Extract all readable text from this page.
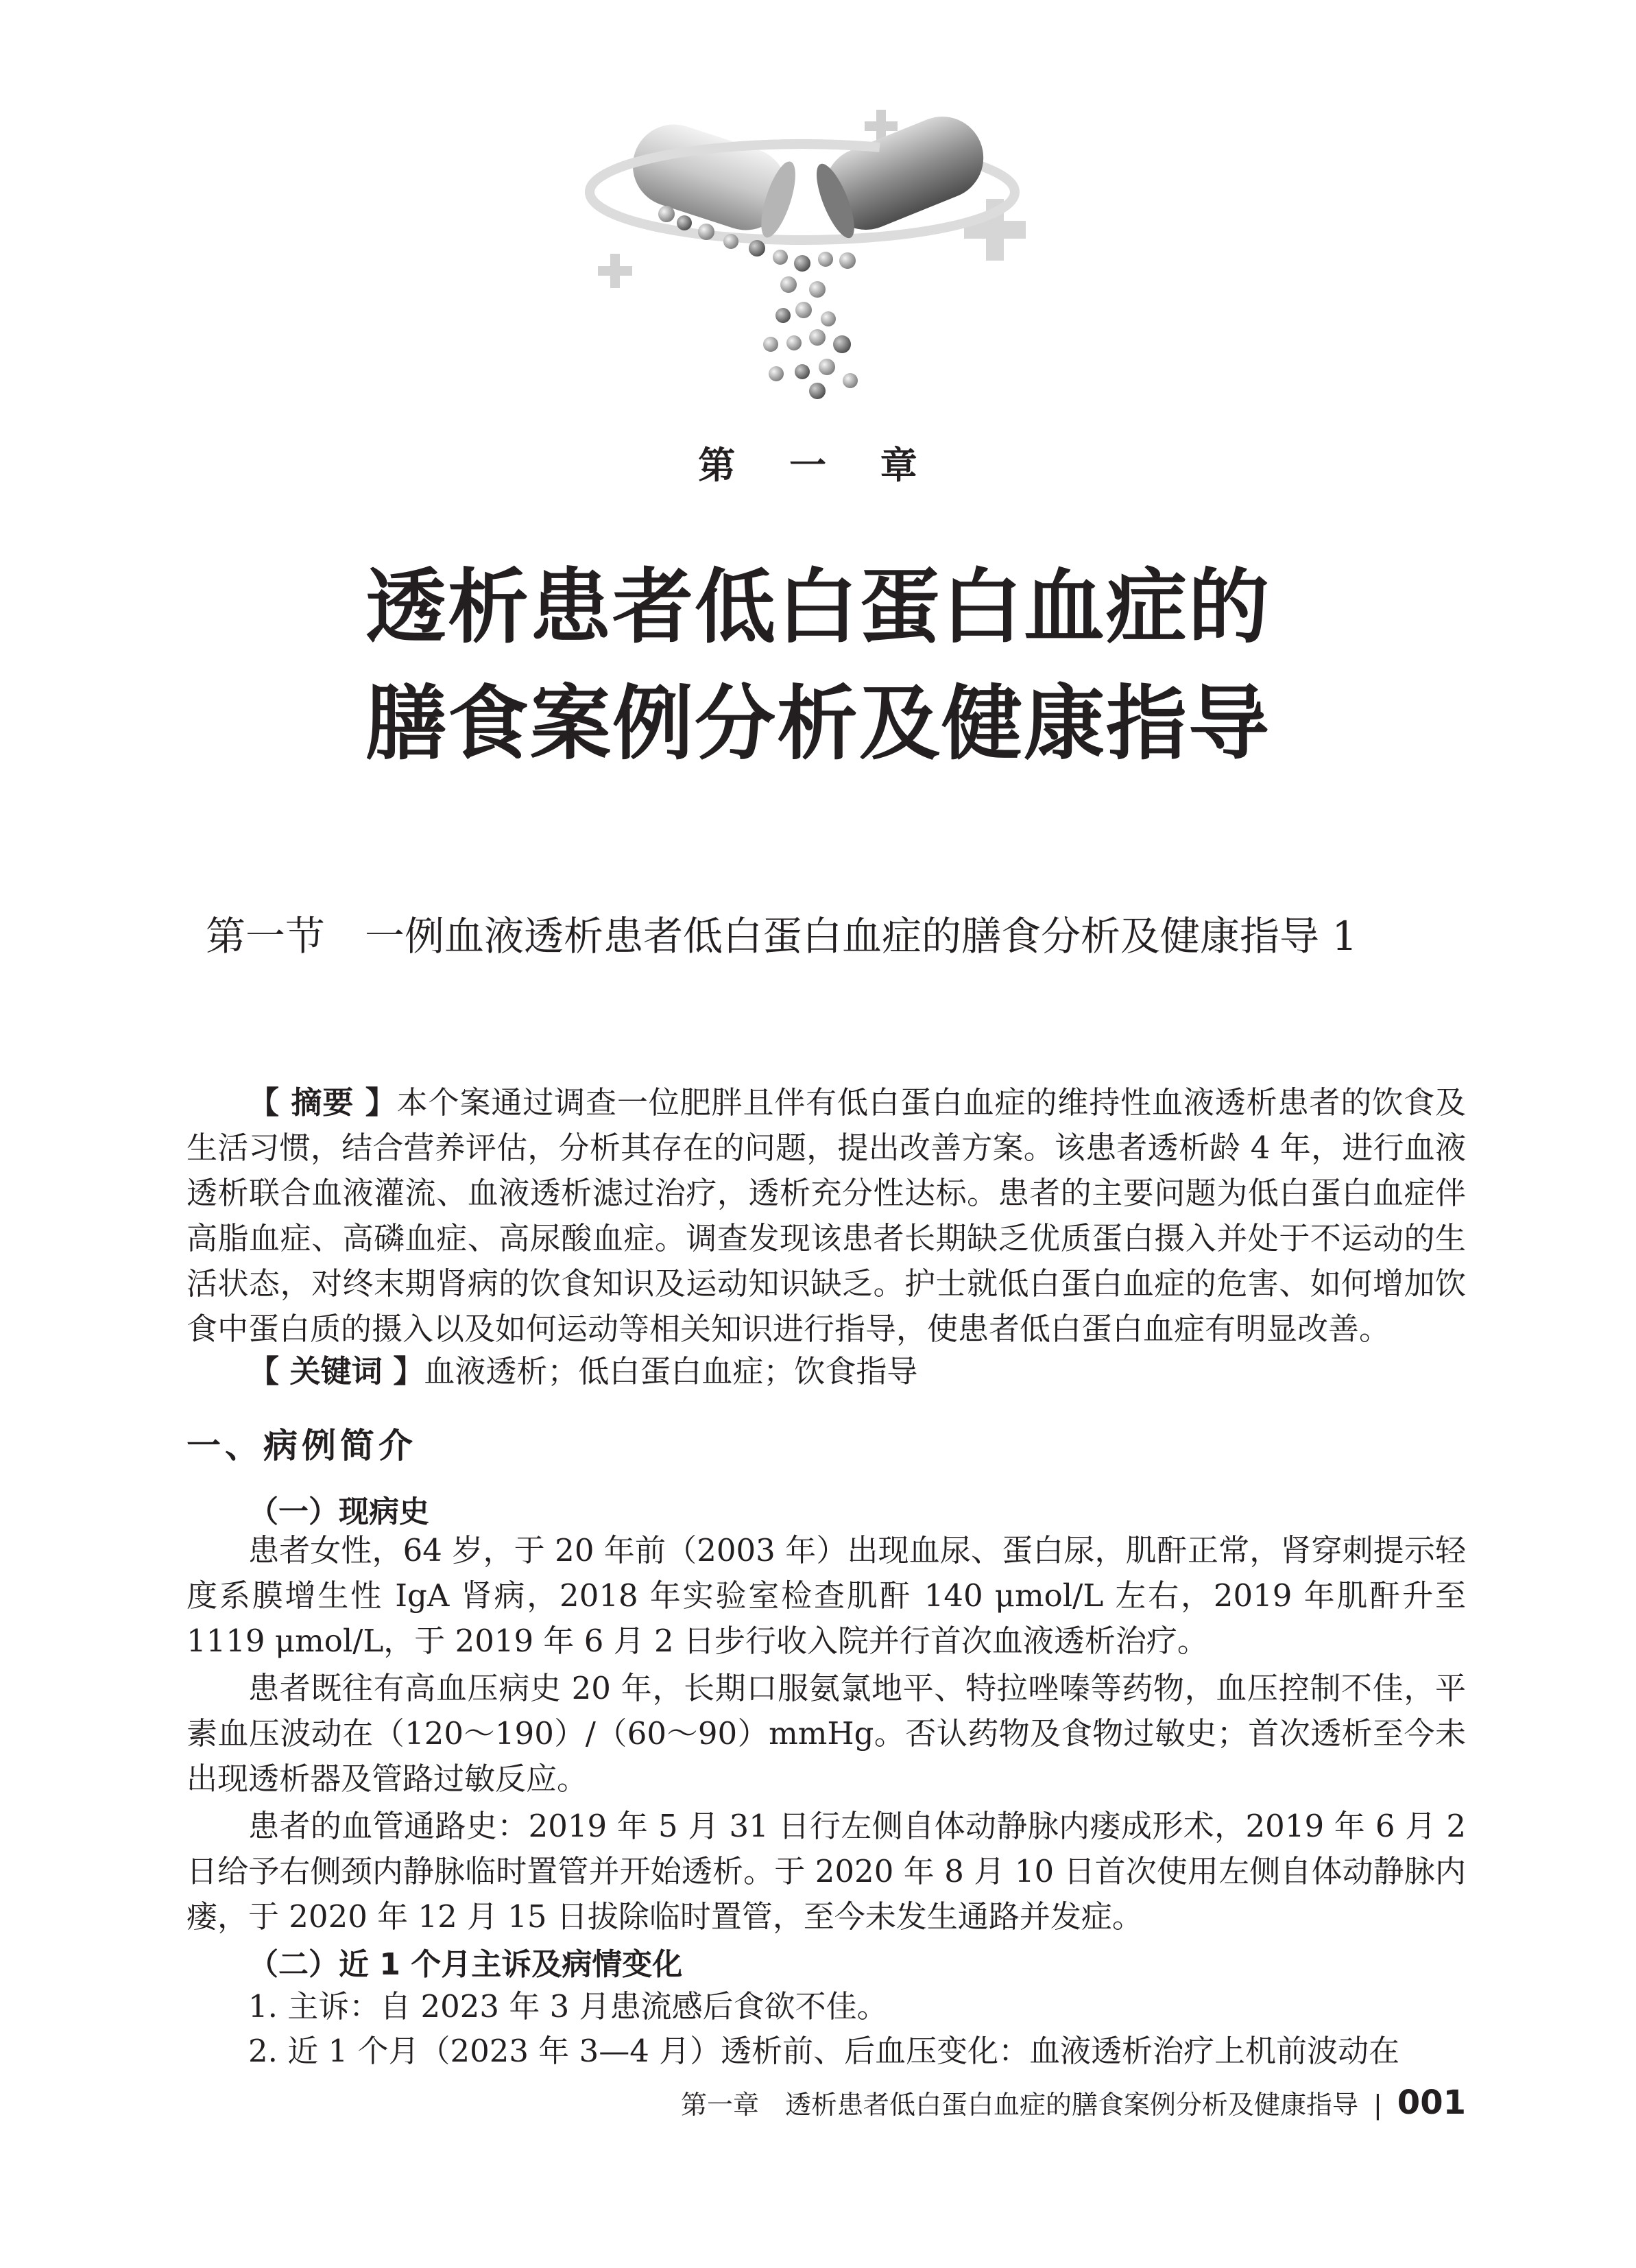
第 一 章
透析患者低白蛋白血症的
膳食案例分析及健康指导
第一节　一例血液透析患者低白蛋白血症的膳食分析及健康指导 1

【 摘要 】本个案通过调查一位肥胖且伴有低白蛋白血症的维持性血液透析患者的饮食及生活习惯，结合营养评估，分析其存在的问题，提出改善方案。该患者透析龄 4 年，进行血液透析联合血液灌流、血液透析滤过治疗，透析充分性达标。患者的主要问题为低白蛋白血症伴高脂血症、高磷血症、高尿酸血症。调查发现该患者长期缺乏优质蛋白摄入并处于不运动的生活状态，对终末期肾病的饮食知识及运动知识缺乏。护士就低白蛋白血症的危害、如何增加饮食中蛋白质的摄入以及如何运动等相关知识进行指导，使患者低白蛋白血症有明显改善。

【 关键词 】血液透析；低白蛋白血症；饮食指导

一、病例简介
（一）现病史

患者女性，64 岁，于 20 年前（2003 年）出现血尿、蛋白尿，肌酐正常，肾穿刺提示轻度系膜增生性 IgA 肾病，2018 年实验室检查肌酐 140 μmol/L 左右，2019 年肌酐升至 1119 μmol/L，于 2019 年 6 月 2 日步行收入院并行首次血液透析治疗。

患者既往有高血压病史 20 年，长期口服氨氯地平、特拉唑嗪等药物，血压控制不佳，平素血压波动在（120～190）/（60～90）mmHg。否认药物及食物过敏史；首次透析至今未出现透析器及管路过敏反应。

患者的血管通路史：2019 年 5 月 31 日行左侧自体动静脉内瘘成形术，2019 年 6 月 2 日给予右侧颈内静脉临时置管并开始透析。于 2020 年 8 月 10 日首次使用左侧自体动静脉内瘘，于 2020 年 12 月 15 日拔除临时置管，至今未发生通路并发症。

（二）近 1 个月主诉及病情变化

1. 主诉：自 2023 年 3 月患流感后食欲不佳。

2. 近 1 个月（2023 年 3—4 月）透析前、后血压变化：血液透析治疗上机前波动在

第一章　透析患者低白蛋白血症的膳食案例分析及健康指导 | 001
